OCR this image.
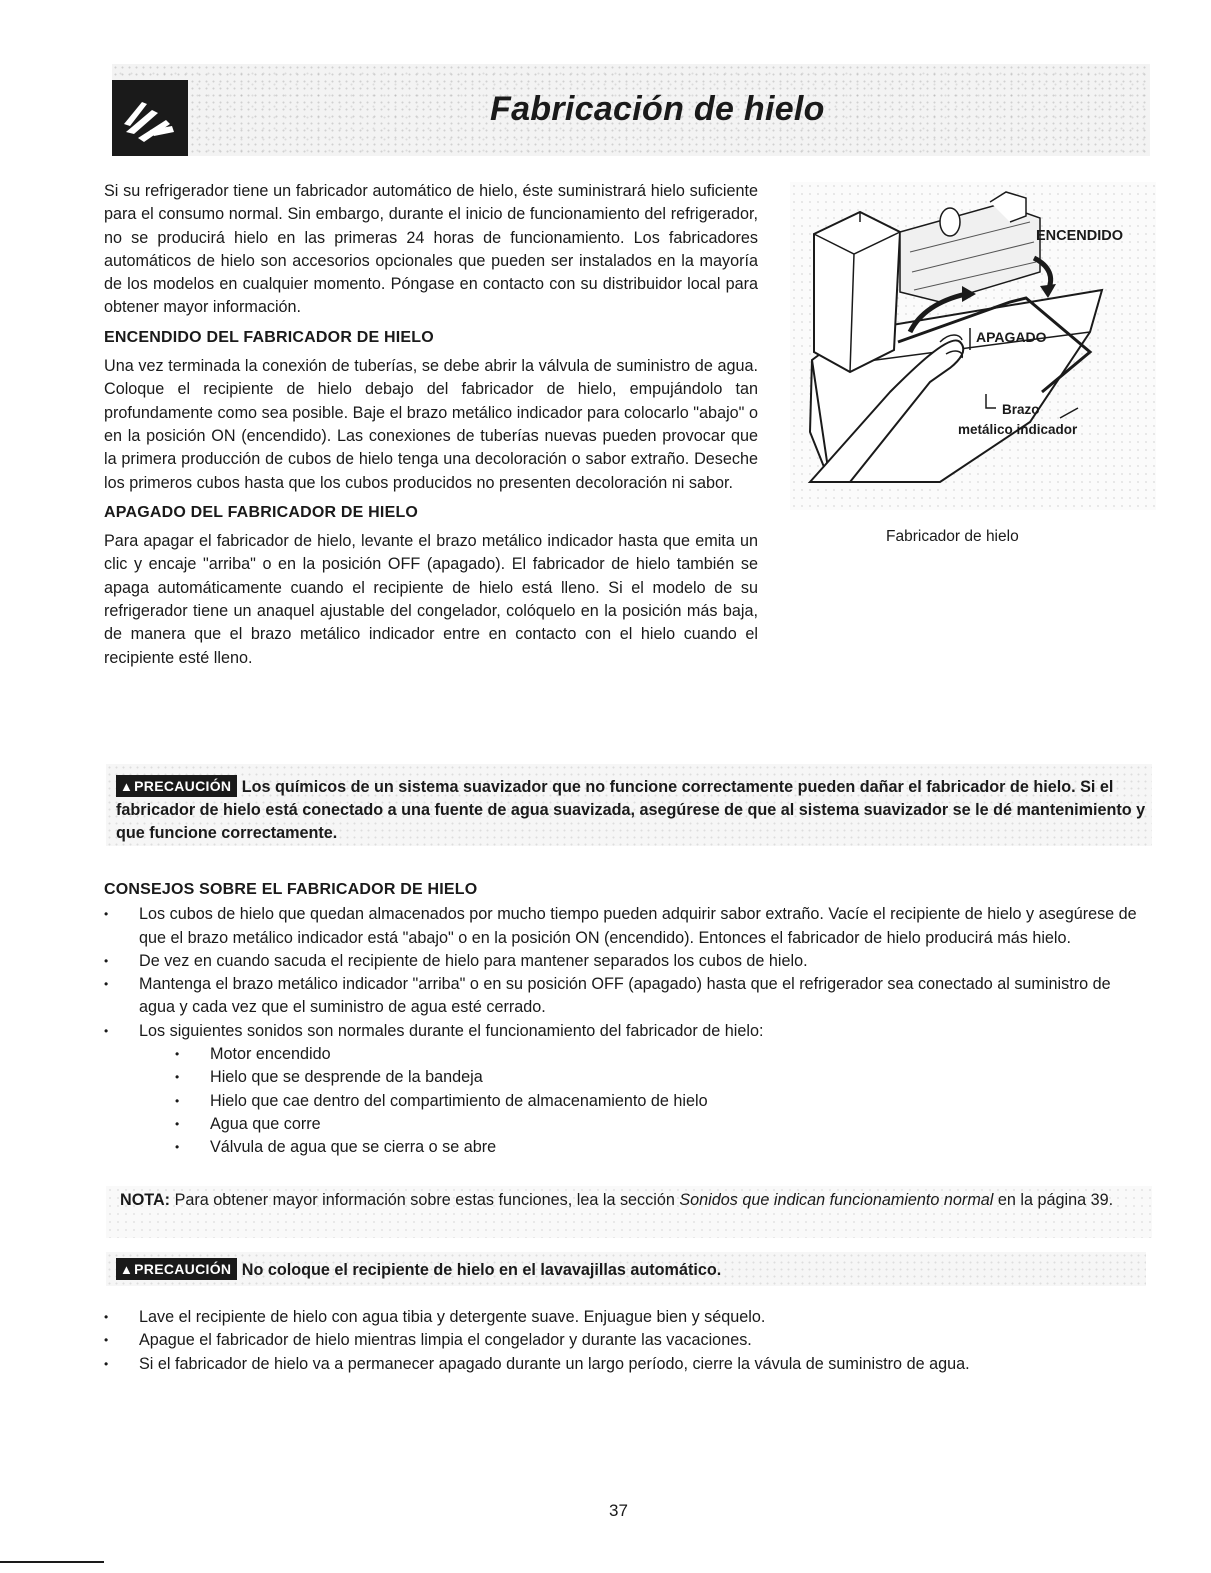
Fabricación de hielo

Si su refrigerador tiene un fabricador automático de hielo, éste suministrará hielo suficiente para el consumo normal. Sin embargo, durante el inicio de funcionamiento del refrigerador, no se producirá hielo en las primeras 24 horas de funcionamiento. Los fabricadores automáticos de hielo son accesorios opcionales que pueden ser instalados en la mayoría de los modelos en cualquier momento. Póngase en contacto con su distribuidor local para obtener mayor información.

ENCENDIDO DEL FABRICADOR DE HIELO

Una vez terminada la conexión de tuberías, se debe abrir la válvula de suministro de agua. Coloque el recipiente de hielo debajo del fabricador de hielo, empujándolo tan profundamente como sea posible. Baje el brazo metálico indicador para colocarlo "abajo" o en la posición ON (encendido). Las conexiones de tuberías nuevas pueden provocar que la primera producción de cubos de hielo tenga una decoloración o sabor extraño. Deseche los primeros cubos hasta que los cubos producidos no presenten decoloración ni sabor.

APAGADO DEL FABRICADOR DE HIELO

Para apagar el fabricador de hielo, levante el brazo metálico indicador hasta que emita un clic y encaje "arriba" o en la posición OFF (apagado). El fabricador de hielo también se apaga automáticamente cuando el recipiente de hielo está lleno. Si el modelo de su refrigerador tiene un anaquel ajustable del congelador, colóquelo en la posición más baja, de manera que el brazo metálico indicador entre en contacto con el hielo cuando el recipiente esté lleno.

ENCENDIDO
APAGADO
Brazo
metálico indicador
Fabricador de hielo
▲PRECAUCIÓN Los químicos de un sistema suavizador que no funcione correctamente pueden dañar el fabricador de hielo. Si el fabricador de hielo está conectado a una fuente de agua suavizada, asegúrese de que al sistema suavizador se le dé mantenimiento y que funcione correctamente.
CONSEJOS SOBRE EL FABRICADOR DE HIELO
• Los cubos de hielo que quedan almacenados por mucho tiempo pueden adquirir sabor extraño. Vacíe el recipiente de hielo y asegúrese de que el brazo metálico indicador está "abajo" o en la posición ON (encendido). Entonces el fabricador de hielo producirá más hielo.
• De vez en cuando sacuda el recipiente de hielo para mantener separados los cubos de hielo.
• Mantenga el brazo metálico indicador "arriba" o en su posición OFF (apagado) hasta que el refrigerador sea conectado al suministro de agua y cada vez que el suministro de agua esté cerrado.
• Los siguientes sonidos son normales durante el funcionamiento del fabricador de hielo:
• Motor encendido
• Hielo que se desprende de la bandeja
• Hielo que cae dentro del compartimiento de almacenamiento de hielo
• Agua que corre
• Válvula de agua que se cierra o se abre
NOTA: Para obtener mayor información sobre estas funciones, lea la sección Sonidos que indican funcionamiento normal en la página 39.
▲PRECAUCIÓN No coloque el recipiente de hielo en el lavavajillas automático.
• Lave el recipiente de hielo con agua tibia y detergente suave. Enjuague bien y séquelo.
• Apague el fabricador de hielo mientras limpia el congelador y durante las vacaciones.
• Si el fabricador de hielo va a permanecer apagado durante un largo período, cierre la vávula de suministro de agua.
37
